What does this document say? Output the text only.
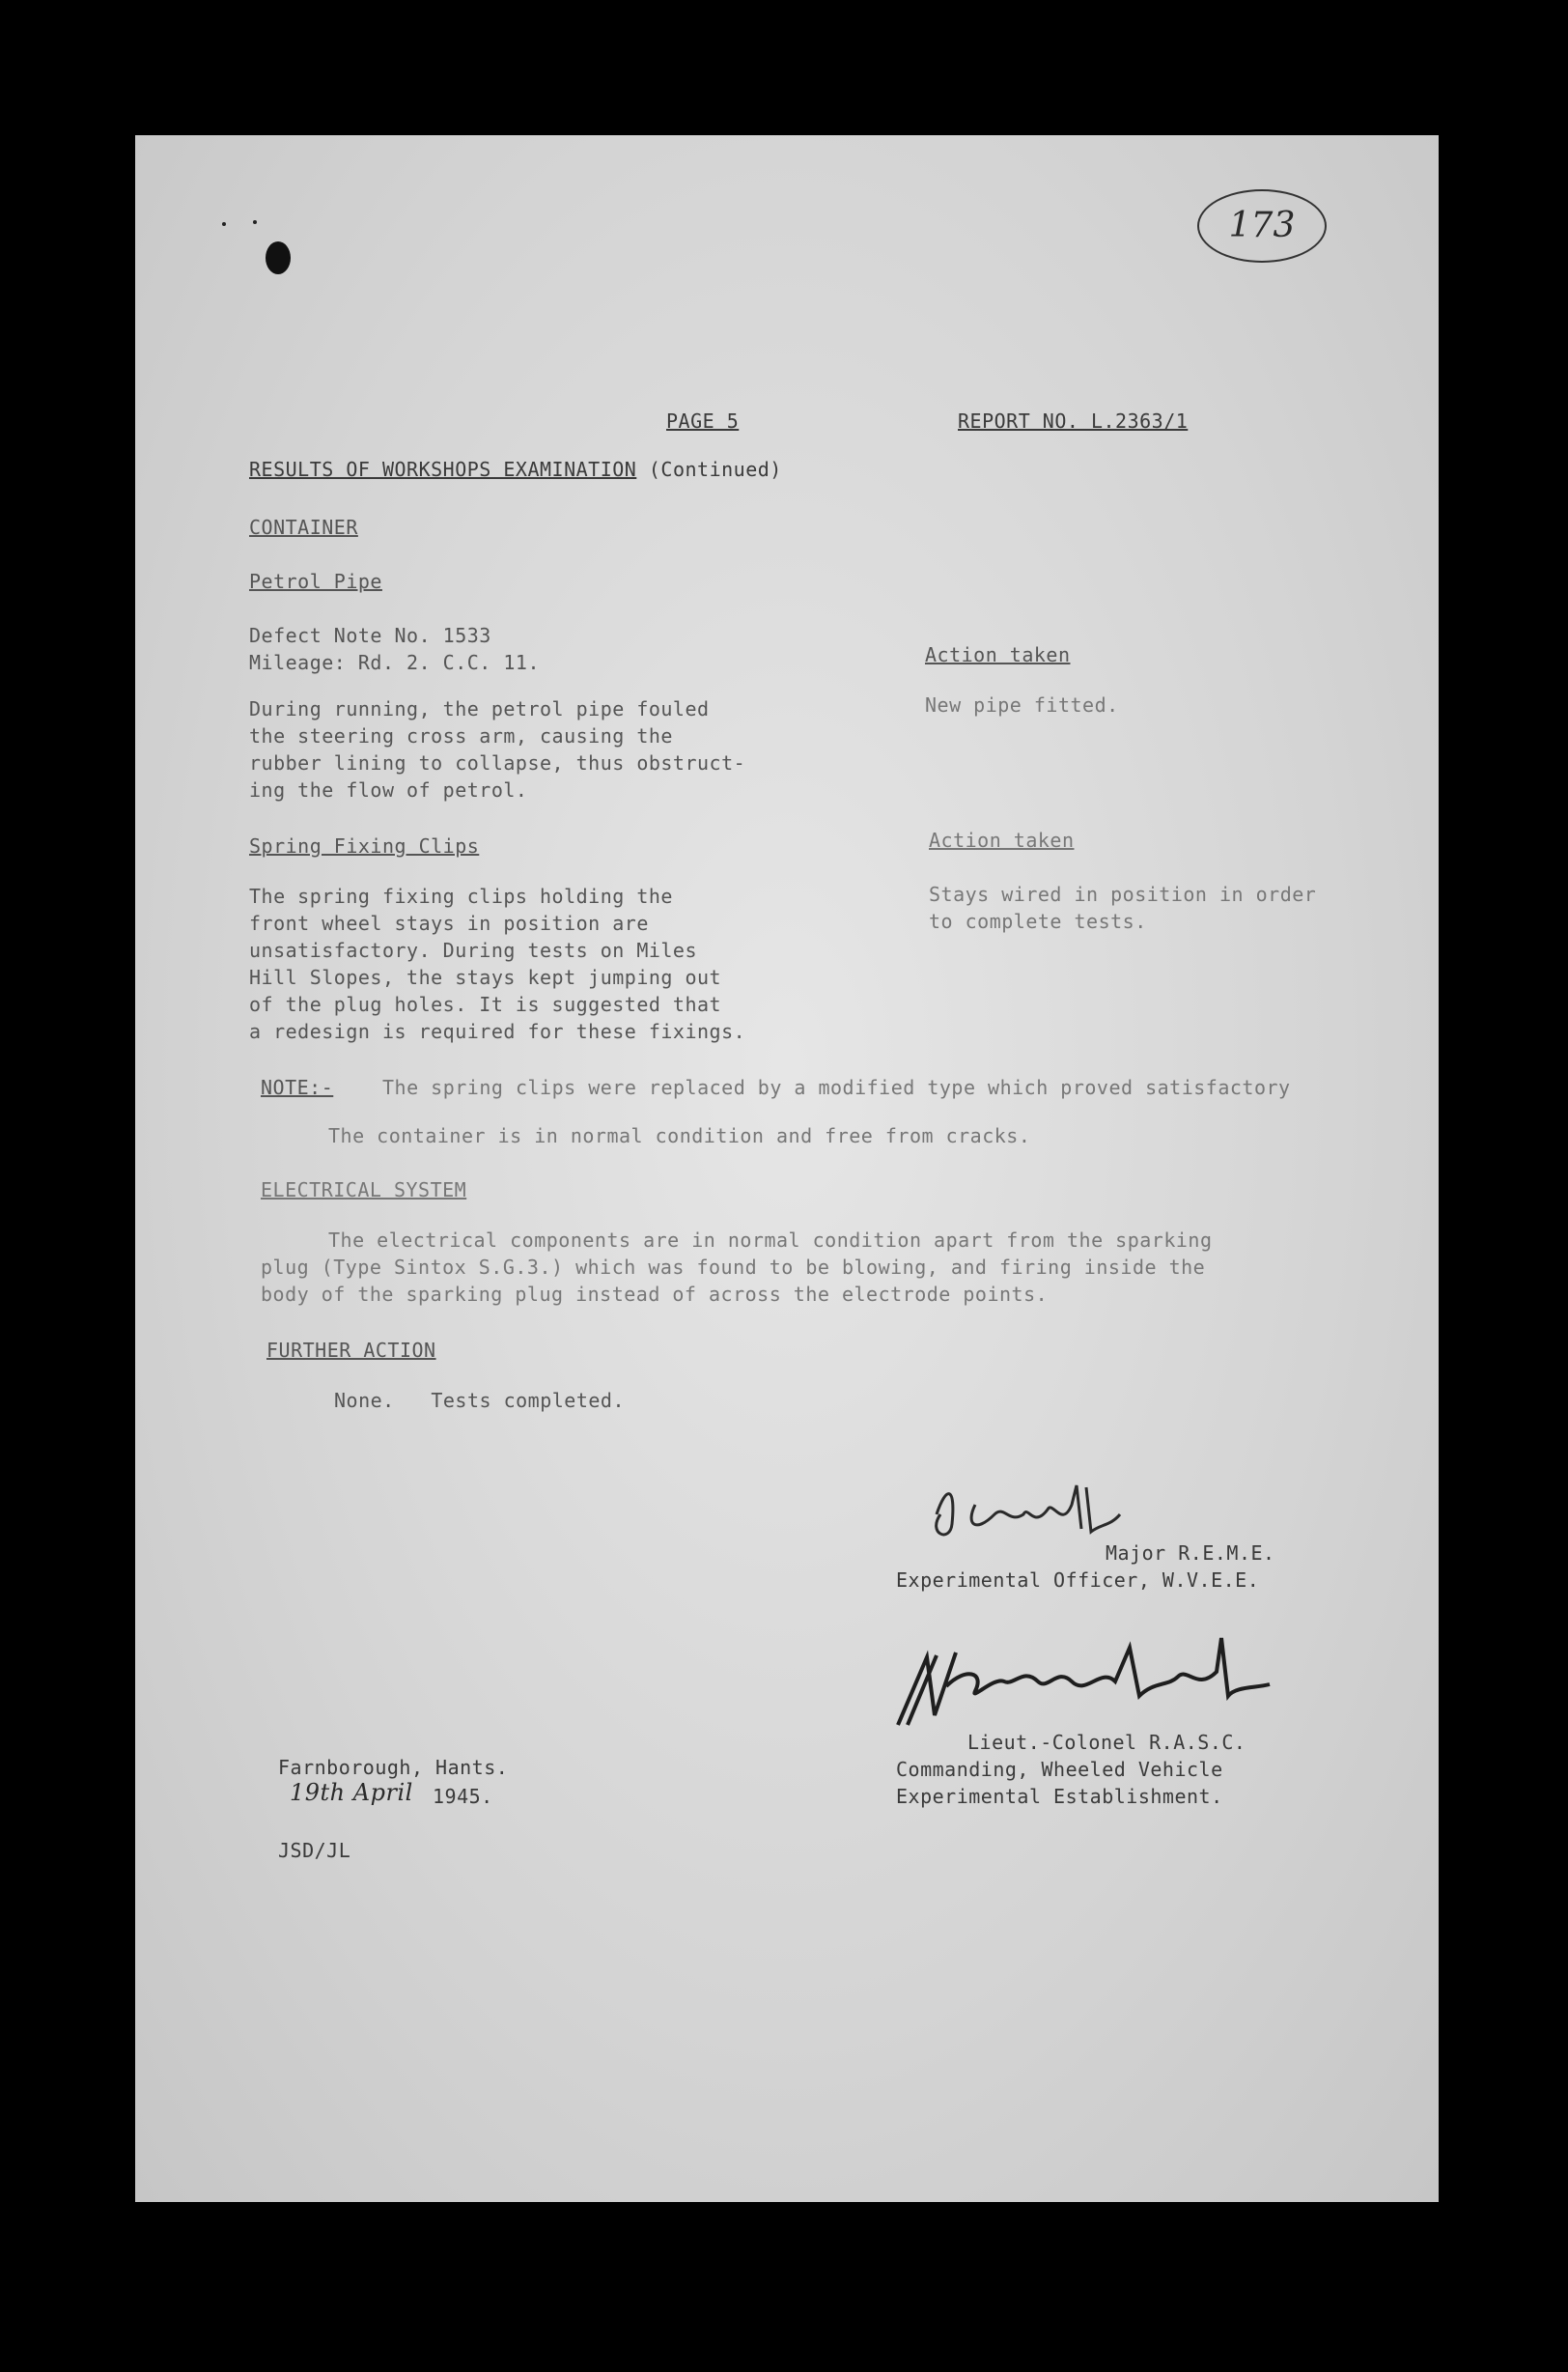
173
PAGE 5	REPORT NO. L.2363/1
RESULTS OF WORKSHOPS EXAMINATION (Continued)
CONTAINER
Petrol Pipe
Defect Note No. 1533
Mileage: Rd. 2. C.C. 11.	Action taken
During running, the petrol pipe fouled
the steering cross arm, causing the
rubber lining to collapse, thus obstruct-
ing the flow of petrol.
New pipe fitted.
Spring Fixing Clips	Action taken
The spring fixing clips holding the
front wheel stays in position are
unsatisfactory. During tests on Miles
Hill Slopes, the stays kept jumping out
of the plug holes. It is suggested that
a redesign is required for these fixings.
Stays wired in position in order
to complete tests.
NOTE:-	The spring clips were replaced by a modified type which proved satisfactory
The container is in normal condition and free from cracks.
ELECTRICAL SYSTEM
The electrical components are in normal condition apart from the sparking
plug (Type Sintox S.G.3.) which was found to be blowing, and firing inside the
body of the sparking plug instead of across the electrode points.
FURTHER ACTION
None.   Tests completed.
Major R.E.M.E.
Experimental Officer, W.V.E.E.
Lieut.-Colonel R.A.S.C.
Commanding, Wheeled Vehicle
Experimental Establishment.
Farnborough, Hants.
19th April 1945.
JSD/JL
